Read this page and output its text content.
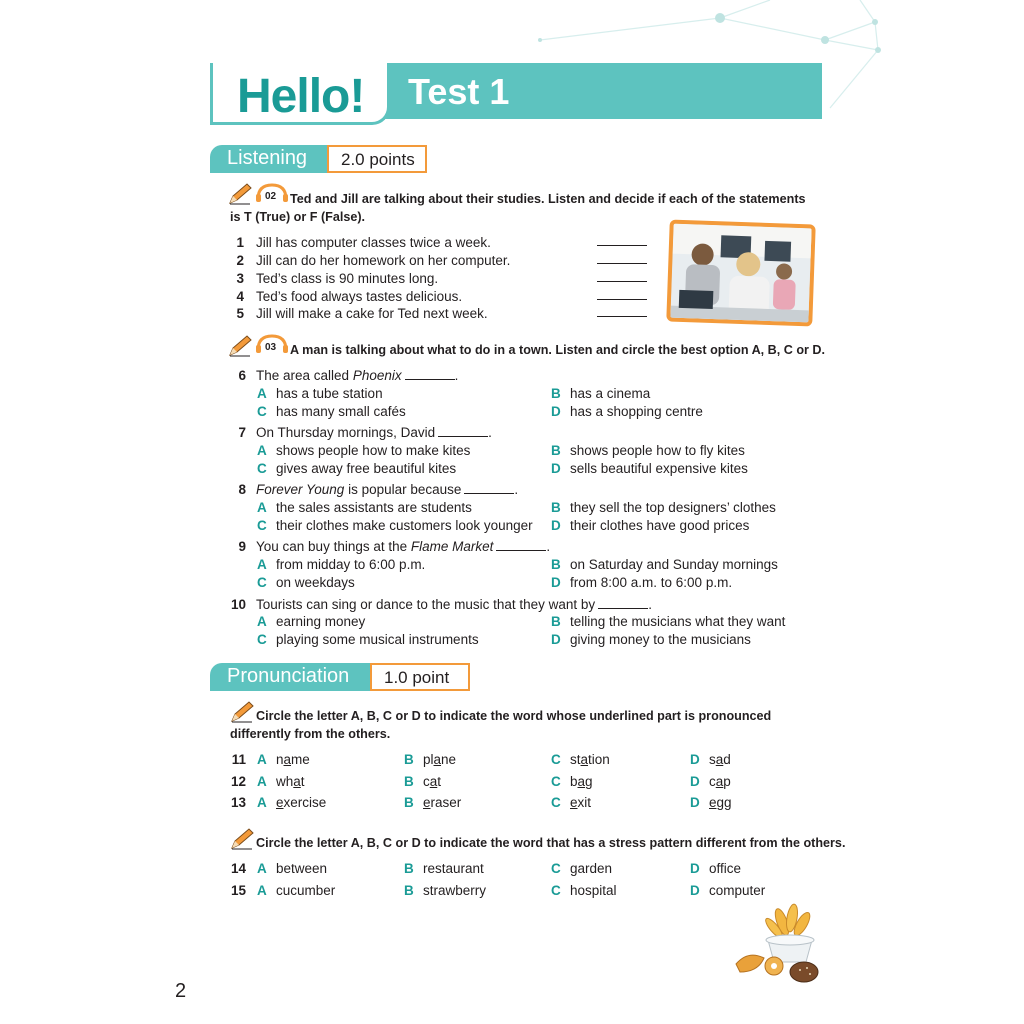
Hello! Test 1
Listening	2.0 points
02	Ted and Jill are talking about their studies. Listen and decide if each of the statements is T (True) or F (False).
1 Jill has computer classes twice a week.
2 Jill can do her homework on her computer.
3 Ted’s class is 90 minutes long.
4 Ted’s food always tastes delicious.
5 Jill will make a cake for Ted next week.
03 A man is talking about what to do in a town. Listen and circle the best option A, B, C or D.
6 The area called Phoenix	.
A has a tube station	B has a cinema
C has many small cafés	D has a shopping centre
7 On Thursday mornings, David	.
A shows people how to make kites	B shows people how to fly kites
C gives away free beautiful kites	D sells beautiful expensive kites
8 Forever Young is popular because	.
A the sales assistants are students	B they sell the top designers’ clothes
C their clothes make customers look younger D their clothes have good prices
9 You can buy things at the Flame Market	.
A from midday to 6:00 p.m.	B on Saturday and Sunday mornings
C on weekdays	D from 8:00 a.m. to 6:00 p.m.
10 Tourists can sing or dance to the music that they want by	.
A earning money	B telling the musicians what they want
C playing some musical instruments	D giving money to the musicians
Pronunciation	1.0 point
Circle the letter A, B, C or D to indicate the word whose underlined part is pronounced differently from the others.
11 A name	B plane	C station	D sad
12 A what	B cat	C bag	D cap
13 A exercise	B eraser	C exit	D egg
Circle the letter A, B, C or D to indicate the word that has a stress pattern different from the others.
14 A between	B restaurant	C garden	D office
15 A cucumber	B strawberry	C hospital	D computer
2
